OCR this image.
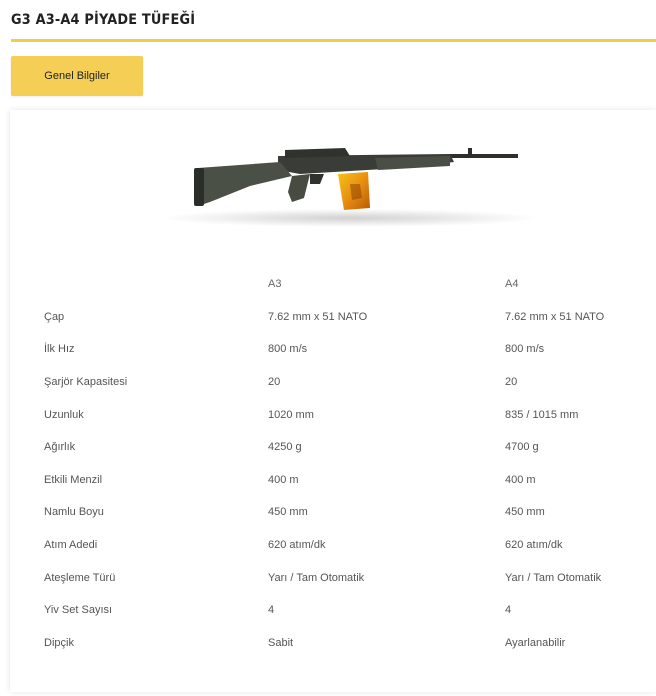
G3 A3-A4 PİYADE TÜFEĞİ
Genel Bilgiler
	A3	A4
Çap	7.62 mm x 51 NATO	7.62 mm x 51 NATO
İlk Hız	800 m/s	800 m/s
Şarjör Kapasitesi	20	20
Uzunluk	1020 mm	835 / 1015 mm
Ağırlık	4250 g	4700 g
Etkili Menzil	400 m	400 m
Namlu Boyu	450 mm	450 mm
Atım Adedi	620 atım/dk	620 atım/dk
Ateşleme Türü	Yarı / Tam Otomatik	Yarı / Tam Otomatik
Yiv Set Sayısı	4	4
Dipçik	Sabit	Ayarlanabilir
